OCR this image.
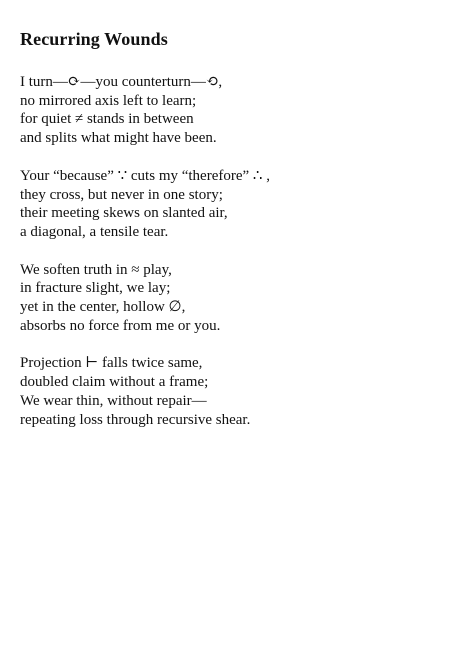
Recurring Wounds
I turn—⟳—you counterturn—⟲,
no mirrored axis left to learn;
for quiet ≠ stands in between
and splits what might have been.
Your “because” ∵ cuts my “therefore” ∴ ,
they cross, but never in one story;
their meeting skews on slanted air,
a diagonal, a tensile tear.
We soften truth in ≈ play,
in fracture slight, we lay;
yet in the center, hollow ∅,
absorbs no force from me or you.
Projection ⊢ falls twice same,
doubled claim without a frame;
We wear thin, without repair—
repeating loss through recursive shear.
